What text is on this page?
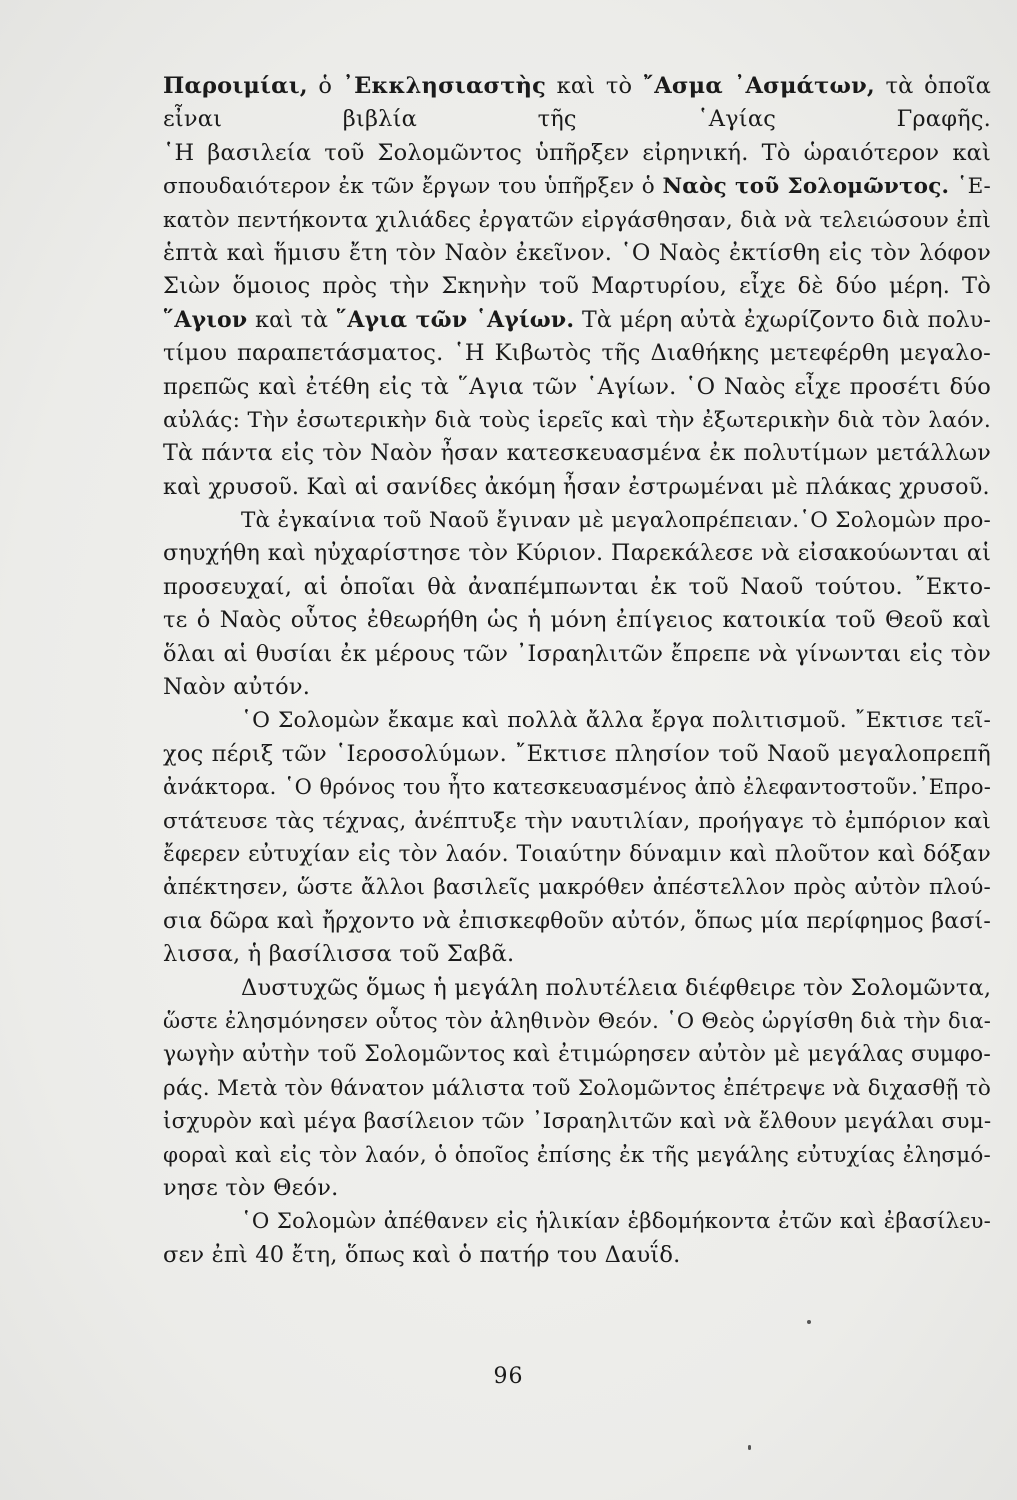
Παροιμίαι, ὁ ᾿Εκκλησιαστὴς καὶ τὸ ῎Ασμα ᾿Ασμάτων, τὰ ὁποῖα
εἶναι βιβλία τῆς ῾Αγίας Γραφῆς.
῾Η βασιλεία τοῦ Σολομῶντος ὑπῆρξεν εἰρηνική. Τὸ ὡραιότερον καὶ
σπουδαιότερον ἐκ τῶν ἔργων του ὑπῆρξεν ὁ Ναὸς τοῦ Σολομῶντος. ῾Ε-
κατὸν πεντήκοντα χιλιάδες ἐργατῶν εἰργάσθησαν, διὰ νὰ τελειώσουν ἐπὶ
ἑπτὰ καὶ ἥμισυ ἔτη τὸν Ναὸν ἐκεῖνον. ῾Ο Ναὸς ἐκτίσθη εἰς τὸν λόφον
Σιὼν ὅμοιος πρὸς τὴν Σκηνὴν τοῦ Μαρτυρίου, εἶχε δὲ δύο μέρη. Τὸ
῞Αγιον καὶ τὰ ῞Αγια τῶν ῾Αγίων. Τὰ μέρη αὐτὰ ἐχωρίζοντο διὰ πολυ-
τίμου παραπετάσματος. ῾Η Κιβωτὸς τῆς Διαθήκης μετεφέρθη μεγαλο-
πρεπῶς καὶ ἐτέθη εἰς τὰ ῞Αγια τῶν ῾Αγίων. ῾Ο Ναὸς εἶχε προσέτι δύο
αὐλάς: Τὴν ἐσωτερικὴν διὰ τοὺς ἱερεῖς καὶ τὴν ἐξωτερικὴν διὰ τὸν λαόν.
Τὰ πάντα εἰς τὸν Ναὸν ἦσαν κατεσκευασμένα ἐκ πολυτίμων μετάλλων
καὶ χρυσοῦ. Καὶ αἱ σανίδες ἀκόμη ἦσαν ἐστρωμέναι μὲ πλάκας χρυσοῦ.
Τὰ ἐγκαίνια τοῦ Ναοῦ ἔγιναν μὲ μεγαλοπρέπειαν.῾Ο Σολομὼν προ-
σηυχήθη καὶ ηὐχαρίστησε τὸν Κύριον. Παρεκάλεσε νὰ εἰσακούωνται αἱ
προσευχαί, αἱ ὁποῖαι θὰ ἀναπέμπωνται ἐκ τοῦ Ναοῦ τούτου. ῎Εκτο-
τε ὁ Ναὸς οὗτος ἐθεωρήθη ὡς ἡ μόνη ἐπίγειος κατοικία τοῦ Θεοῦ καὶ
ὅλαι αἱ θυσίαι ἐκ μέρους τῶν ᾿Ισραηλιτῶν ἔπρεπε νὰ γίνωνται εἰς τὸν
Ναὸν αὐτόν.
῾Ο Σολομὼν ἔκαμε καὶ πολλὰ ἄλλα ἔργα πολιτισμοῦ. ῎Εκτισε τεῖ-
χος πέριξ τῶν ῾Ιεροσολύμων. ῎Εκτισε πλησίον τοῦ Ναοῦ μεγαλοπρεπῆ
ἀνάκτορα. ῾Ο θρόνος του ἦτο κατεσκευασμένος ἀπὸ ἐλεφαντοστοῦν.᾿Επρο-
στάτευσε τὰς τέχνας, ἀνέπτυξε τὴν ναυτιλίαν, προήγαγε τὸ ἐμπόριον καὶ
ἔφερεν εὐτυχίαν εἰς τὸν λαόν. Τοιαύτην δύναμιν καὶ πλοῦτον καὶ δόξαν
ἀπέκτησεν, ὥστε ἄλλοι βασιλεῖς μακρόθεν ἀπέστελλον πρὸς αὐτὸν πλού-
σια δῶρα καὶ ἤρχοντο νὰ ἐπισκεφθοῦν αὐτόν, ὅπως μία περίφημος βασί-
λισσα, ἡ βασίλισσα τοῦ Σαβᾶ.
Δυστυχῶς ὅμως ἡ μεγάλη πολυτέλεια διέφθειρε τὸν Σολομῶντα,
ὥστε ἐλησμόνησεν οὗτος τὸν ἀληθινὸν Θεόν. ῾Ο Θεὸς ὠργίσθη διὰ τὴν δια-
γωγὴν αὐτὴν τοῦ Σολομῶντος καὶ ἐτιμώρησεν αὐτὸν μὲ μεγάλας συμφο-
ράς. Μετὰ τὸν θάνατον μάλιστα τοῦ Σολομῶντος ἐπέτρεψε νὰ διχασθῇ τὸ
ἰσχυρὸν καὶ μέγα βασίλειον τῶν ᾿Ισραηλιτῶν καὶ νὰ ἔλθουν μεγάλαι συμ-
φοραὶ καὶ εἰς τὸν λαόν, ὁ ὁποῖος ἐπίσης ἐκ τῆς μεγάλης εὐτυχίας ἐλησμό-
νησε τὸν Θεόν.
῾Ο Σολομὼν ἀπέθανεν εἰς ἡλικίαν ἑβδομήκοντα ἐτῶν καὶ ἐβασίλευ-
σεν ἐπὶ 40 ἔτη, ὅπως καὶ ὁ πατήρ του Δαυΐδ.
96
